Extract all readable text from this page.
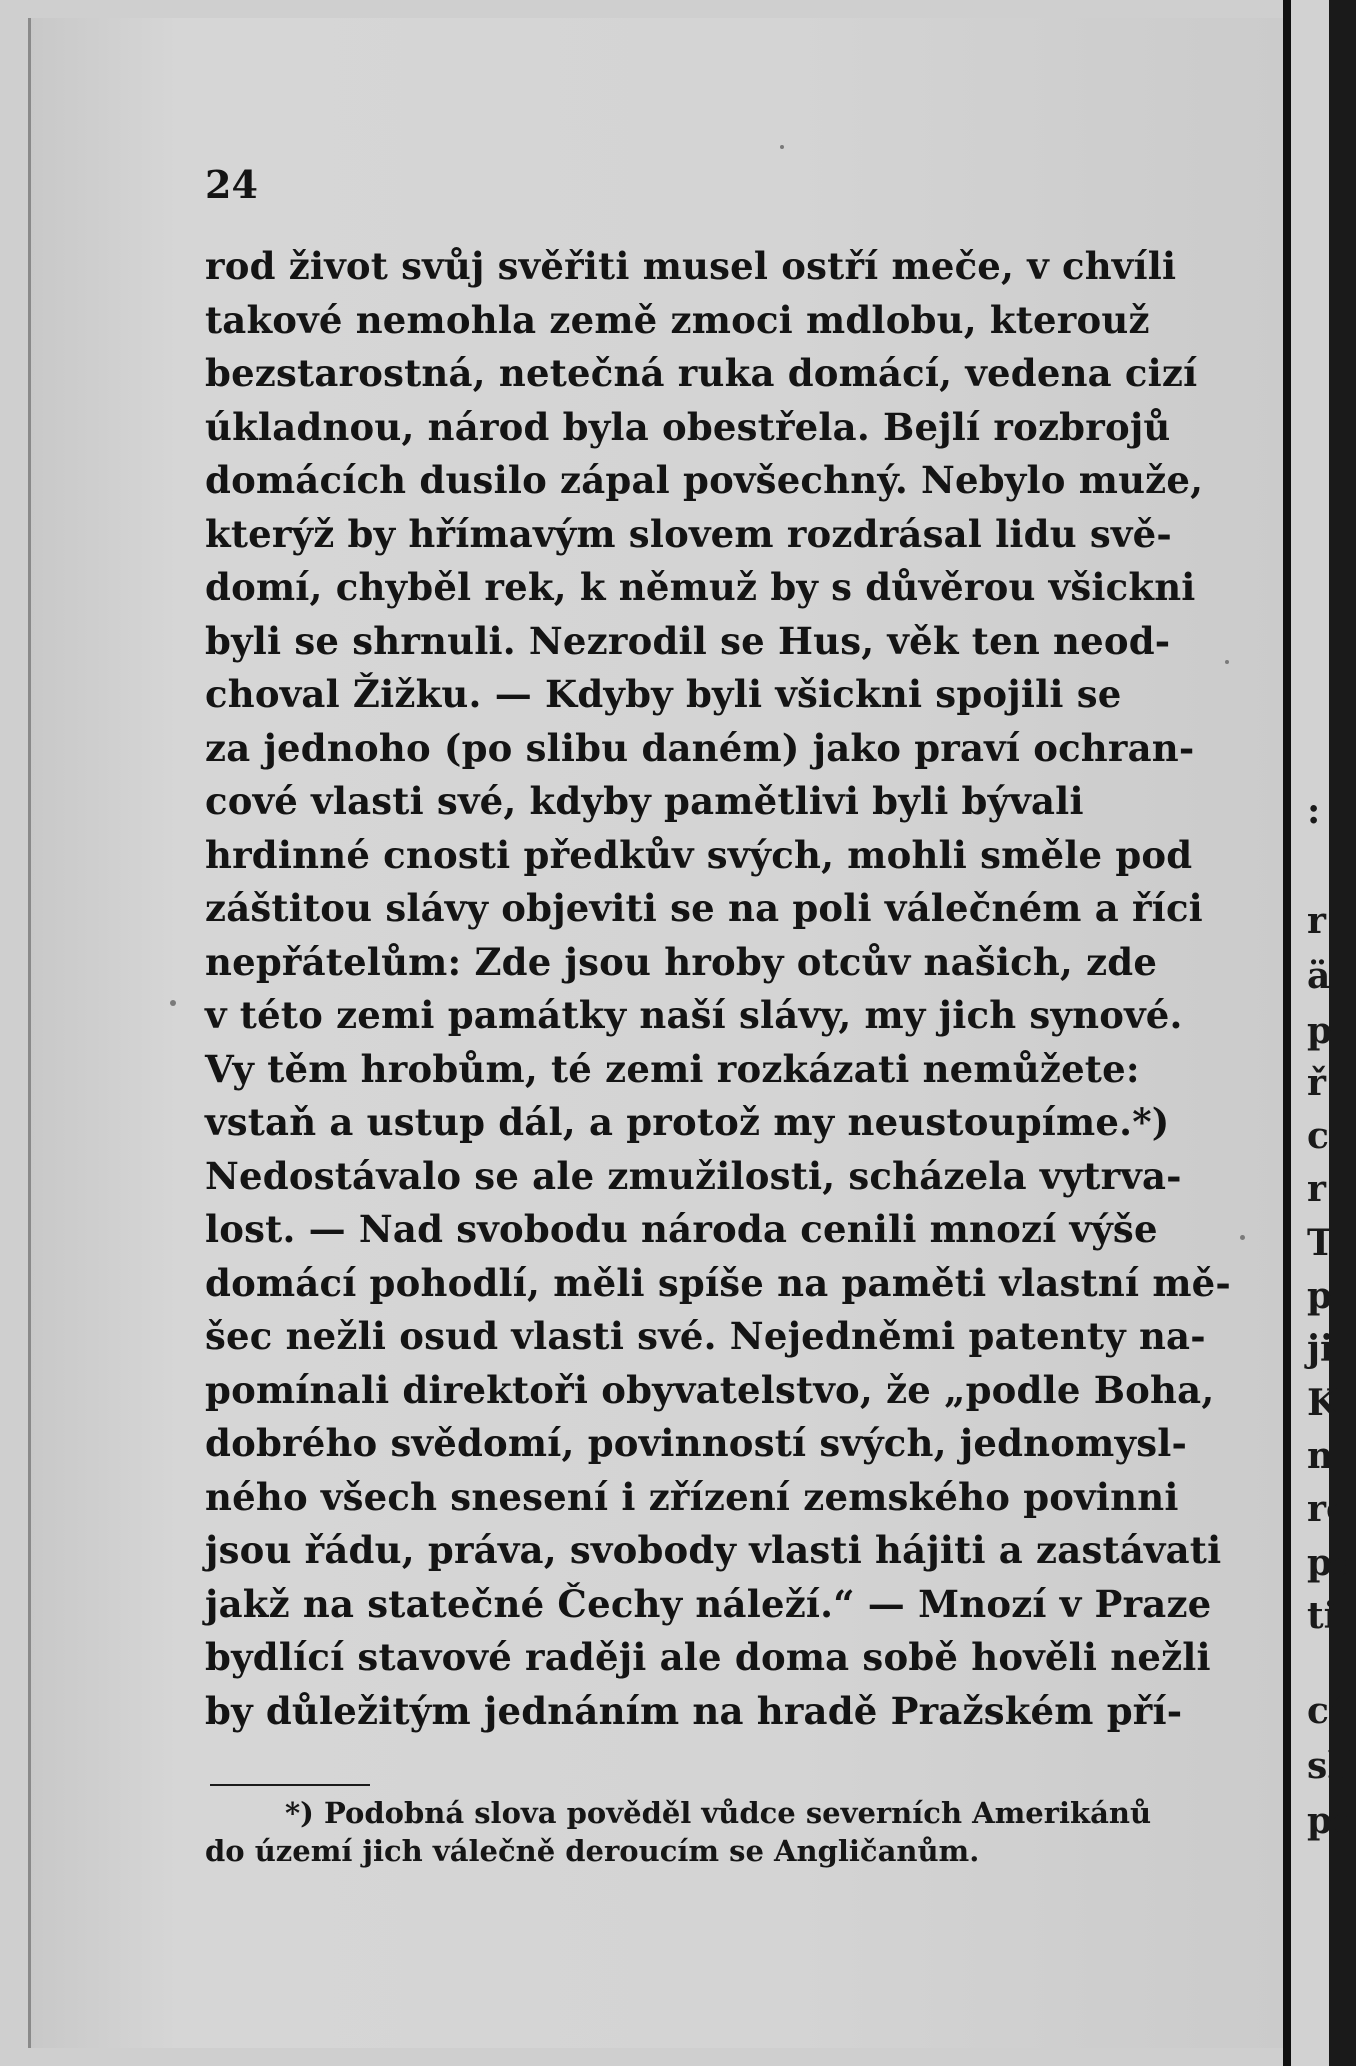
24
rod život svůj svěřiti musel ostří meče, v chvíli
takové nemohla země zmoci mdlobu, kterouž
bezstarostná, netečná ruka domácí, vedena cizí
úkladnou, národ byla obestřela. Bejlí rozbrojů
domácích dusilo zápal povšechný. Nebylo muže,
kterýž by hřímavým slovem rozdrásal lidu svě-
domí, chyběl rek, k němuž by s důvěrou všickni
byli se shrnuli. Nezrodil se Hus, věk ten neod-
choval Žižku. — Kdyby byli všickni spojili se
za jednoho (po slibu daném) jako praví ochran-
cové vlasti své, kdyby pamětlivi byli bývali
hrdinné cnosti předkův svých, mohli směle pod
záštitou slávy objeviti se na poli válečném a říci
nepřátelům: Zde jsou hroby otcův našich, zde
v této zemi památky naší slávy, my jich synové.
Vy těm hrobům, té zemi rozkázati nemůžete:
vstaň a ustup dál, a protož my neustoupíme.*)
Nedostávalo se ale zmužilosti, scházela vytrva-
lost. — Nad svobodu národa cenili mnozí výše
domácí pohodlí, měli spíše na paměti vlastní mě-
šec nežli osud vlasti své. Nejedněmi patenty na-
pomínali direktoři obyvatelstvo, že „podle Boha,
dobrého svědomí, povinností svých, jednomysl-
ného všech snesení i zřízení zemského povinni
jsou řádu, práva, svobody vlasti hájiti a zastávati
jakž na statečné Čechy náleží.“ — Mnozí v Praze
bydlící stavové raději ale doma sobě hověli nežli
by důležitým jednáním na hradě Pražském pří-
*) Podobná slova pověděl vůdce severních Amerikánů
do území jich válečně deroucím se Angličanům.
:
r
ä
p
ř
c
r
T
p
ji
K
n
rc
pa
ti
cí
sli
po
